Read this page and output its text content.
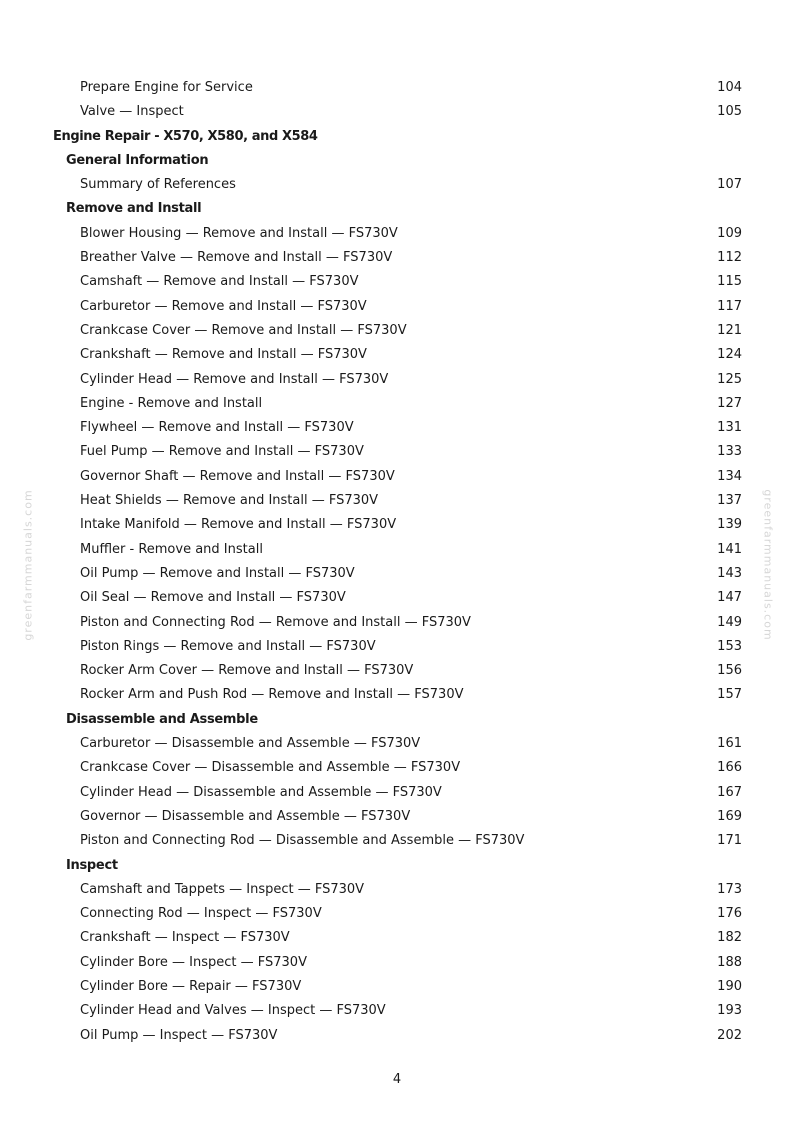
greenfarmmanuals.com	greenfarmmanuals.com
Prepare Engine for Service	104
Valve — Inspect	105
Engine Repair - X570, X580, and X584
General Information
Summary of References	107
Remove and Install
Blower Housing — Remove and Install — FS730V	109
Breather Valve — Remove and Install — FS730V	112
Camshaft — Remove and Install — FS730V	115
Carburetor — Remove and Install — FS730V	117
Crankcase Cover — Remove and Install — FS730V	121
Crankshaft — Remove and Install — FS730V	124
Cylinder Head — Remove and Install — FS730V	125
Engine - Remove and Install	127
Flywheel — Remove and Install — FS730V	131
Fuel Pump — Remove and Install — FS730V	133
Governor Shaft — Remove and Install — FS730V	134
Heat Shields — Remove and Install — FS730V	137
Intake Manifold — Remove and Install — FS730V	139
Muffler - Remove and Install	141
Oil Pump — Remove and Install — FS730V	143
Oil Seal — Remove and Install — FS730V	147
Piston and Connecting Rod — Remove and Install — FS730V	149
Piston Rings — Remove and Install — FS730V	153
Rocker Arm Cover — Remove and Install — FS730V	156
Rocker Arm and Push Rod — Remove and Install — FS730V	157
Disassemble and Assemble
Carburetor — Disassemble and Assemble — FS730V	161
Crankcase Cover — Disassemble and Assemble — FS730V	166
Cylinder Head — Disassemble and Assemble — FS730V	167
Governor — Disassemble and Assemble — FS730V	169
Piston and Connecting Rod — Disassemble and Assemble — FS730V	171
Inspect
Camshaft and Tappets — Inspect — FS730V	173
Connecting Rod — Inspect — FS730V	176
Crankshaft — Inspect — FS730V	182
Cylinder Bore — Inspect — FS730V	188
Cylinder Bore — Repair — FS730V	190
Cylinder Head and Valves — Inspect — FS730V	193
Oil Pump — Inspect — FS730V	202
4
